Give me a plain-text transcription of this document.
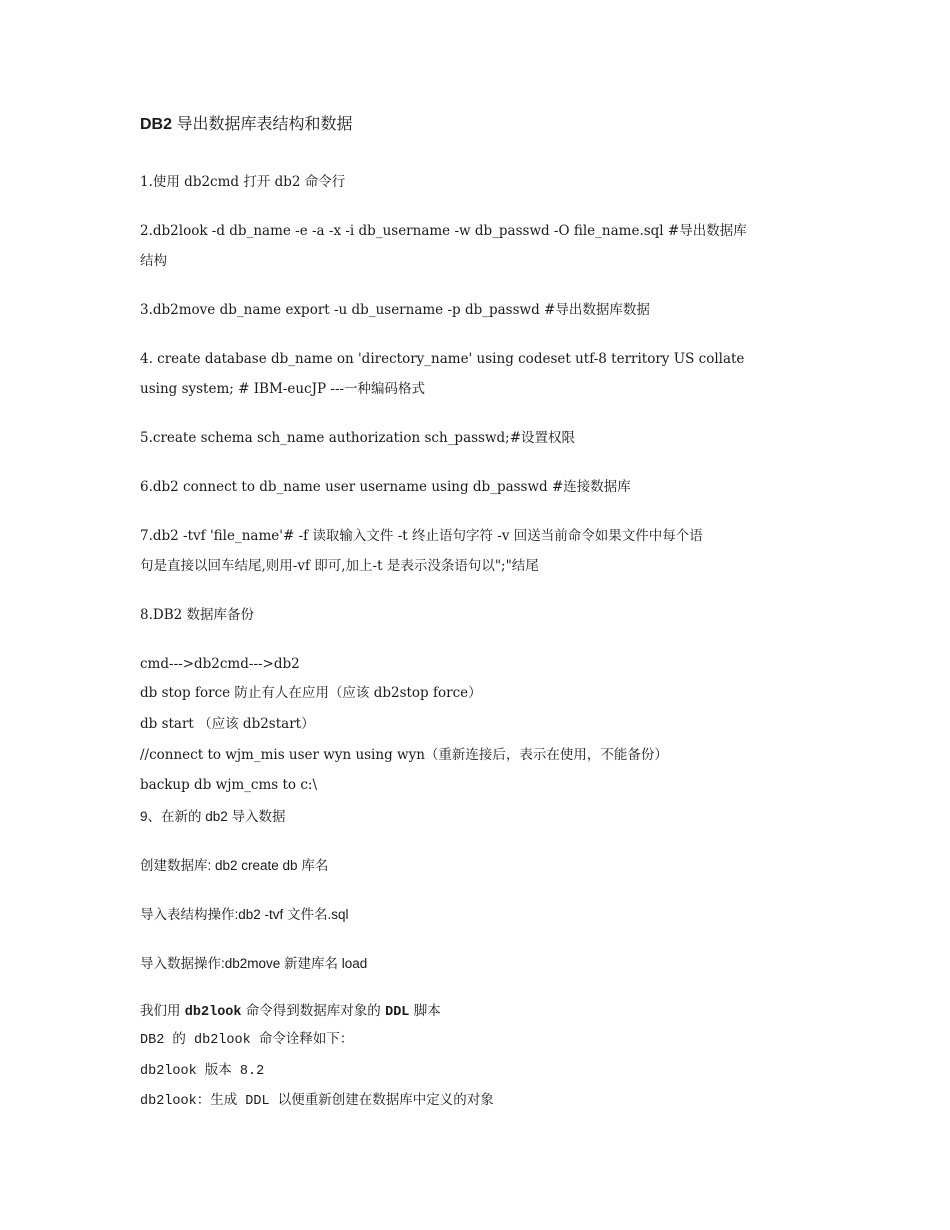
DB2 导出数据库表结构和数据
1.使用 db2cmd 打开 db2 命令行
2.db2look -d db_name -e -a -x -i db_username -w db_passwd -O file_name.sql #导出数据库
结构
3.db2move db_name export -u db_username -p db_passwd #导出数据库数据
4. create database db_name on 'directory_name' using codeset utf-8 territory US collate
using system; # IBM-eucJP ---一种编码格式
5.create schema sch_name authorization sch_passwd;#设置权限
6.db2 connect to db_name user username using db_passwd #连接数据库
7.db2 -tvf 'file_name'# -f 读取输入文件 -t 终止语句字符 -v 回送当前命令如果文件中每个语
句是直接以回车结尾,则用-vf 即可,加上-t 是表示没条语句以";"结尾
8.DB2 数据库备份
cmd--->db2cmd--->db2
db stop force 防止有人在应用（应该 db2stop force）
db start （应该 db2start）
//connect to wjm_mis user wyn using wyn（重新连接后，表示在使用，不能备份）
backup db wjm_cms to c:\
9、在新的 db2 导入数据
创建数据库: db2 create db 库名
导入表结构操作:db2 -tvf 文件名.sql
导入数据操作:db2move 新建库名 load
我们用 db2look 命令得到数据库对象的 DDL 脚本
DB2 的 db2look 命令诠释如下：
db2look 版本 8.2
db2look：生成 DDL 以便重新创建在数据库中定义的对象
